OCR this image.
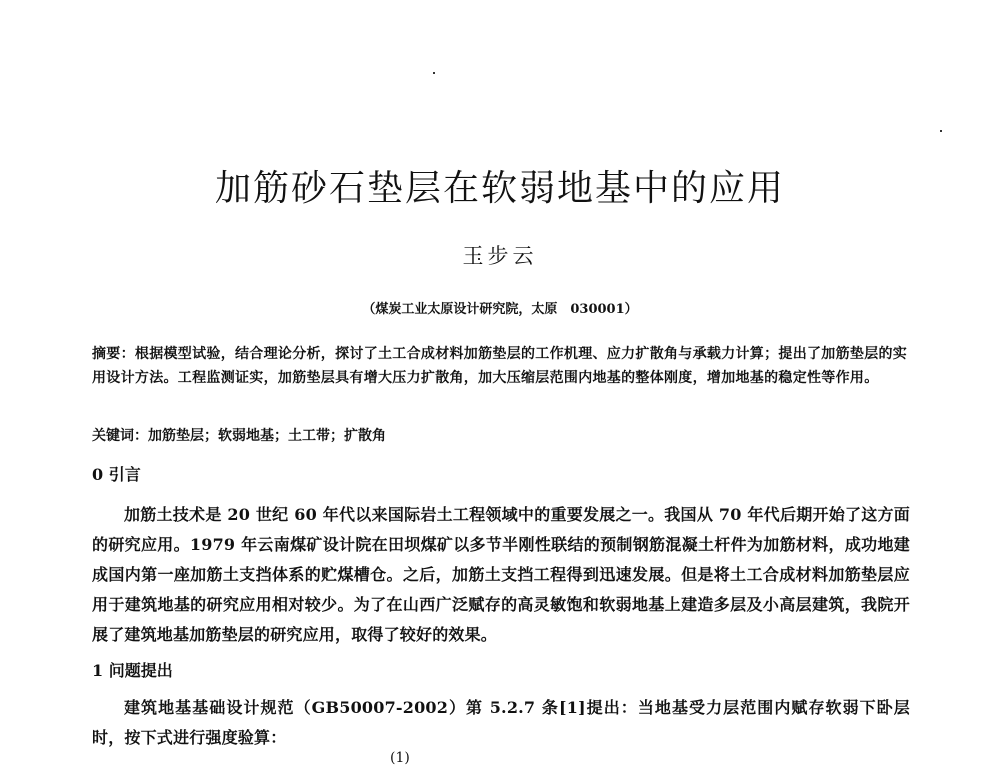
加筋砂石垫层在软弱地基中的应用
王步云
（煤炭工业太原设计研究院，太原　030001）
摘要：根据模型试验，结合理论分析，探讨了土工合成材料加筋垫层的工作机理、应力扩散角与承载力计算；提出了加筋垫层的实用设计方法。工程监测证实，加筋垫层具有增大压力扩散角，加大压缩层范围内地基的整体刚度，增加地基的稳定性等作用。
关键词：加筋垫层；软弱地基；土工带；扩散角
0 引言
加筋土技术是 20 世纪 60 年代以来国际岩土工程领域中的重要发展之一。我国从 70 年代后期开始了这方面的研究应用。1979 年云南煤矿设计院在田坝煤矿以多节半刚性联结的预制钢筋混凝土杆件为加筋材料，成功地建成国内第一座加筋土支挡体系的贮煤槽仓。之后，加筋土支挡工程得到迅速发展。但是将土工合成材料加筋垫层应用于建筑地基的研究应用相对较少。为了在山西广泛赋存的高灵敏饱和软弱地基上建造多层及小高层建筑，我院开展了建筑地基加筋垫层的研究应用，取得了较好的效果。
1 问题提出
建筑地基基础设计规范（GB50007-2002）第 5.2.7 条[1]提出：当地基受力层范围内赋存软弱下卧层时，按下式进行强度验算：
(1)
